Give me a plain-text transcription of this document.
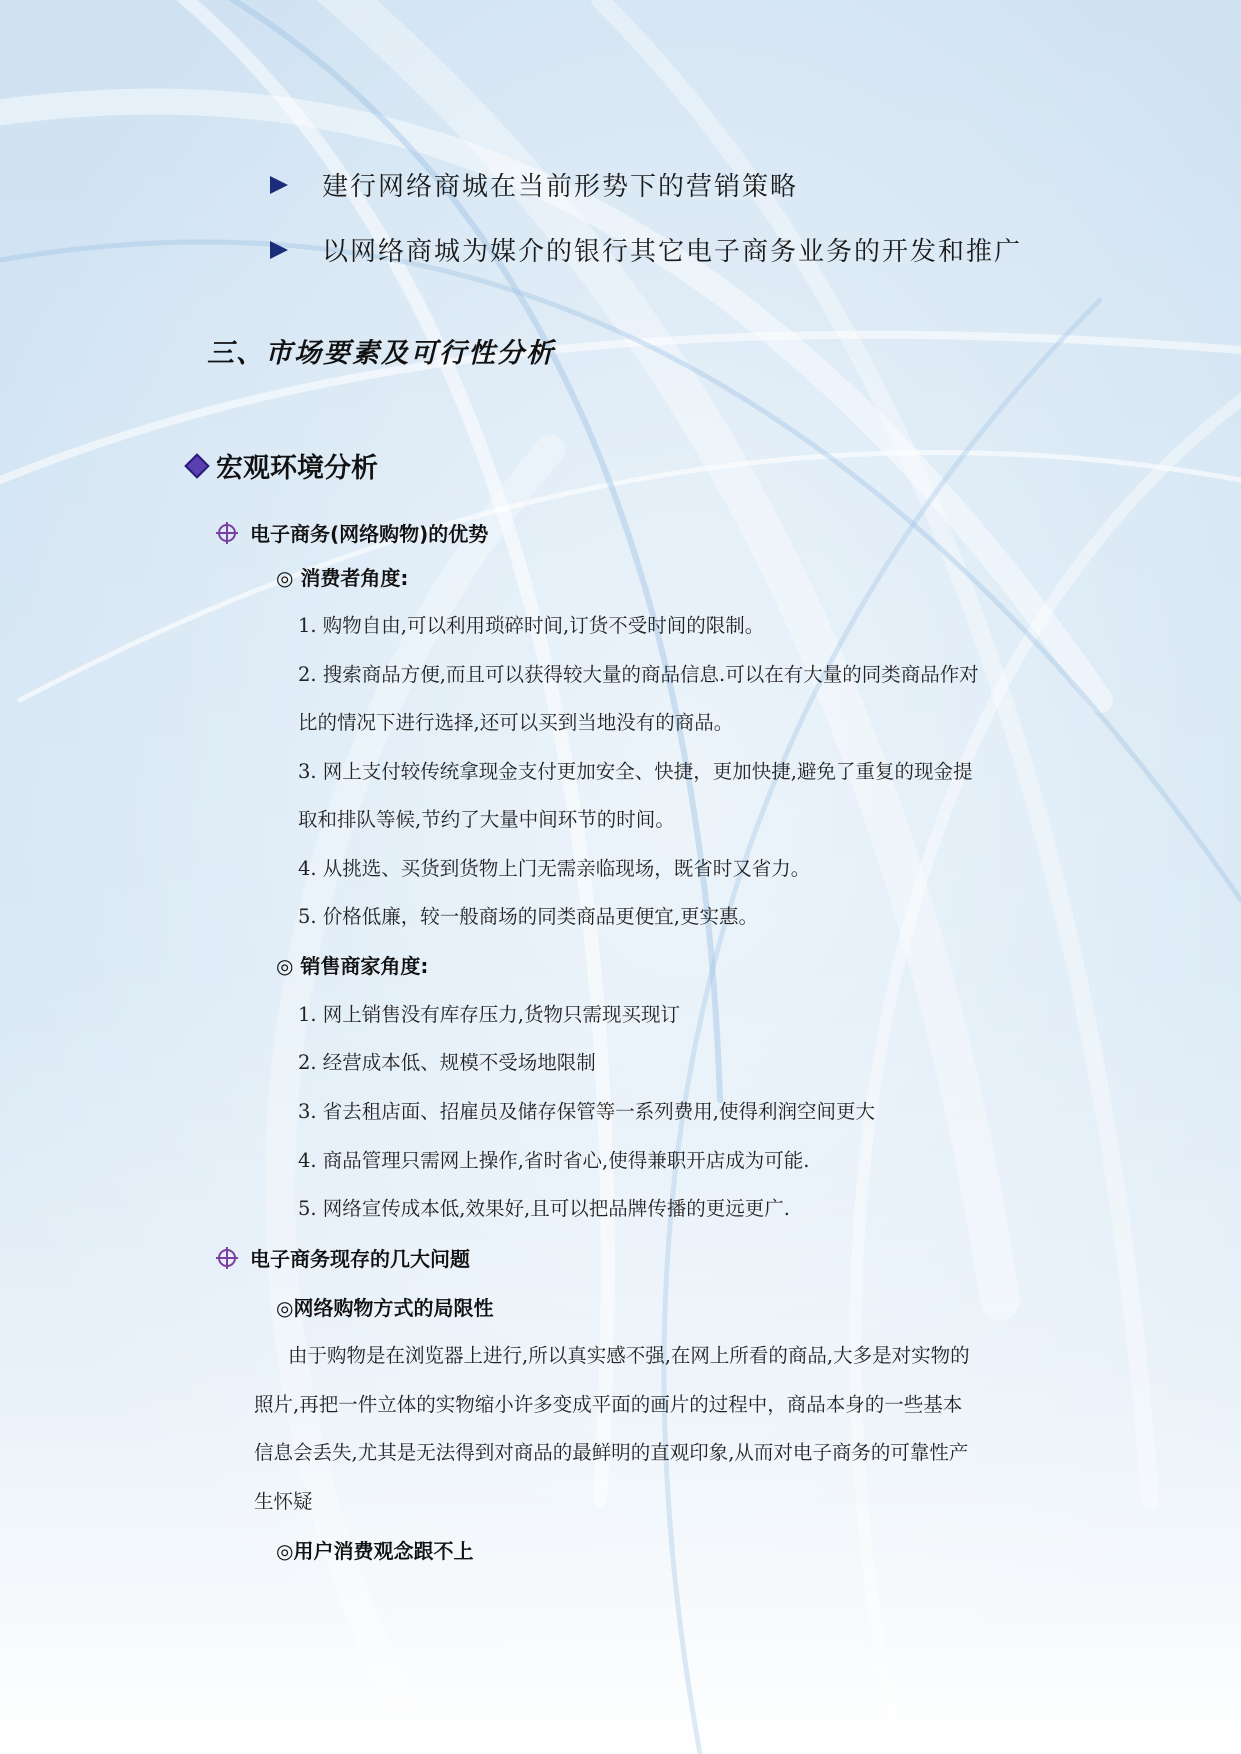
建行网络商城在当前形势下的营销策略
以网络商城为媒介的银行其它电子商务业务的开发和推广
三、市场要素及可行性分析
宏观环境分析
电子商务(网络购物)的优势
◎ 消费者角度:
1. 购物自由,可以利用琐碎时间,订货不受时间的限制。
2. 搜索商品方便,而且可以获得较大量的商品信息.可以在有大量的同类商品作对
比的情况下进行选择,还可以买到当地没有的商品。
3. 网上支付较传统拿现金支付更加安全、快捷，更加快捷,避免了重复的现金提
取和排队等候,节约了大量中间环节的时间。
4. 从挑选、买货到货物上门无需亲临现场，既省时又省力。
5. 价格低廉，较一般商场的同类商品更便宜,更实惠。
◎ 销售商家角度:
1. 网上销售没有库存压力,货物只需现买现订
2. 经营成本低、规模不受场地限制
3. 省去租店面、招雇员及储存保管等一系列费用,使得利润空间更大
4. 商品管理只需网上操作,省时省心,使得兼职开店成为可能.
5. 网络宣传成本低,效果好,且可以把品牌传播的更远更广.
电子商务现存的几大问题
◎网络购物方式的局限性
由于购物是在浏览器上进行,所以真实感不强,在网上所看的商品,大多是对实物的
照片,再把一件立体的实物缩小许多变成平面的画片的过程中，商品本身的一些基本
信息会丢失,尤其是无法得到对商品的最鲜明的直观印象,从而对电子商务的可靠性产
生怀疑
◎用户消费观念跟不上
